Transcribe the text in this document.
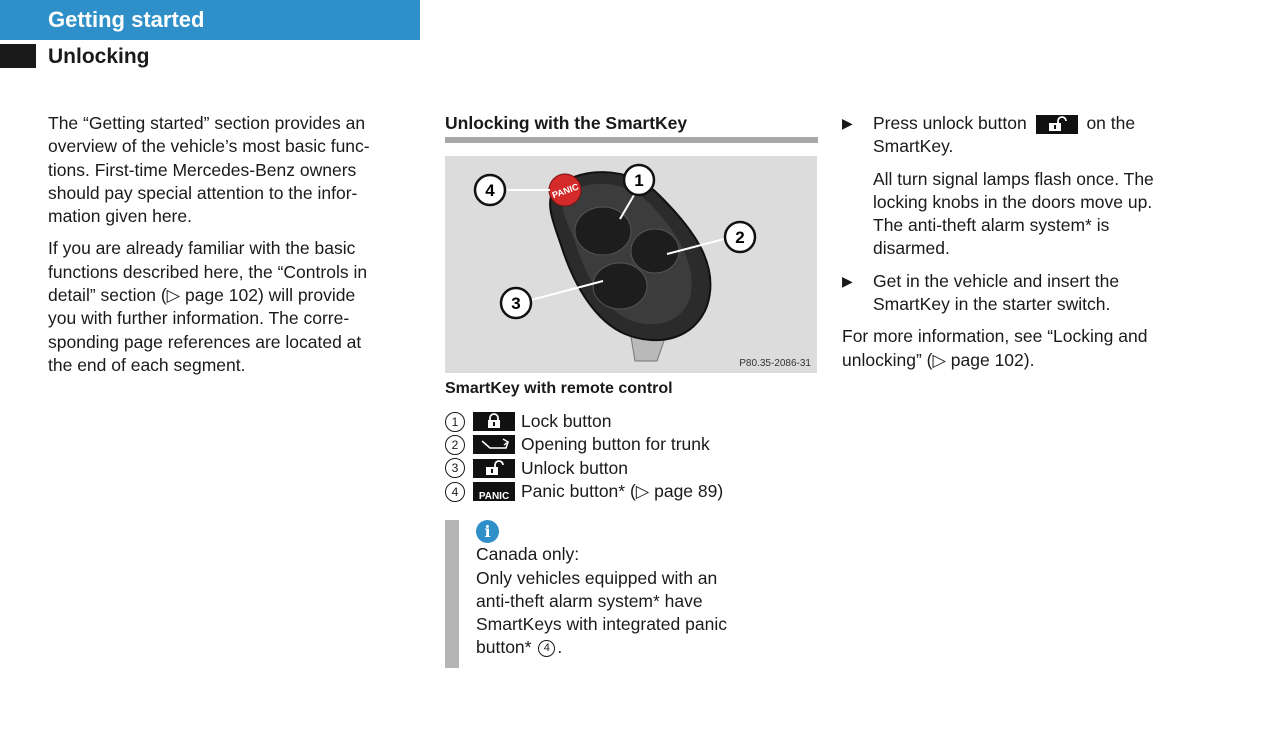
Getting started
Unlocking

The “Getting started” section provides an
overview of the vehicle’s most basic func-
tions. First-time Mercedes-Benz owners
should pay special attention to the infor-
mation given here.

If you are already familiar with the basic
functions described here, the “Controls in
detail” section (▷ page 102) will provide
you with further information. The corre-
sponding page references are located at
the end of each segment.

Unlocking with the SmartKey
PANIC
4
1
2
3
P80.35-2086-31
SmartKey with remote control
1	Lock button
2	Opening button for trunk
3	Unlock button
4	PANIC Panic button* (▷ page 89)
i
Canada only:
Only vehicles equipped with an
anti-theft alarm system* have
SmartKeys with integrated panic
button* 4 .
▶ Press unlock button	on the
SmartKey.
All turn signal lamps flash once. The
locking knobs in the doors move up.
The anti-theft alarm system* is
disarmed.
▶ Get in the vehicle and insert the
SmartKey in the starter switch.

For more information, see “Locking and
unlocking” (▷ page 102).
